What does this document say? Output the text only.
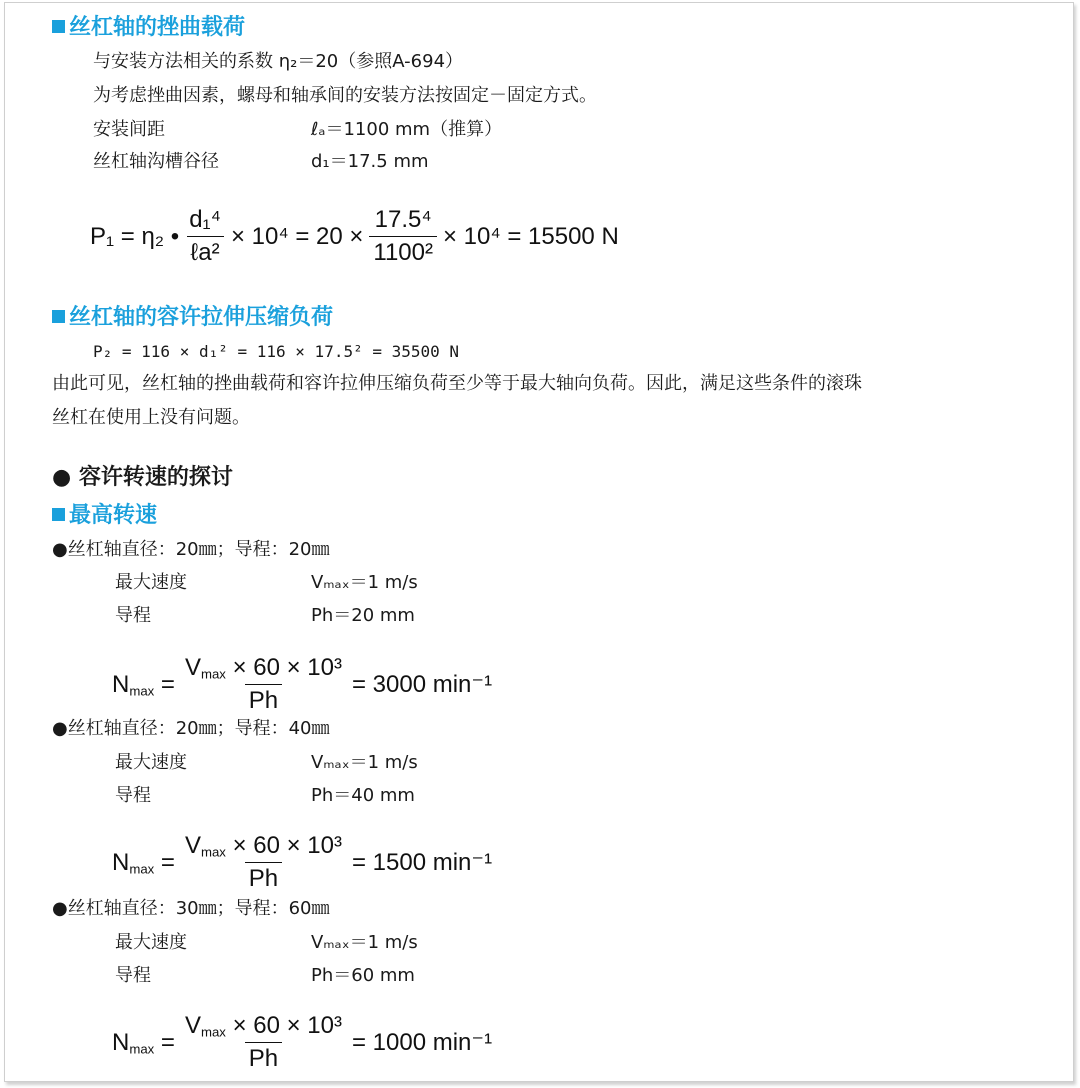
丝杠轴的挫曲载荷
与安装方法相关的系数 η₂＝20（参照A-694）
为考虑挫曲因素，螺母和轴承间的安装方法按固定－固定方式。
安装间距	ℓₐ＝1100 mm（推算）
丝杠轴沟槽谷径	d₁＝17.5 mm
P₁ = η₂ • $\frac{\text{d₁⁴}}{\text{ℓa²}} \times 10^4 = 20 \times \frac{\text{17.5⁴}}{\text{1100²}} \times 10^4 = 15500$ N
丝杠轴的容许拉伸压缩负荷
P₂ = 116 × d₁² = 116 × 17.5² = 35500 N
由此可见，丝杠轴的挫曲载荷和容许拉伸压缩负荷至少等于最大轴向负荷。因此，满足这些条件的滚珠
丝杠在使用上没有问题。
● 容许转速的探讨
最高转速
●丝杠轴直径：20㎜；导程：20㎜
最大速度	Vₘₐₓ＝1 m/s
导程	Ph＝20 mm
$N_{max} = \frac{V_{max} \times 60 \times 10^3}{Ph} = 3000$ min⁻¹
●丝杠轴直径：20㎜；导程：40㎜
最大速度	Vₘₐₓ＝1 m/s
导程	Ph＝40 mm
$N_{max} = \frac{V_{max} \times 60 \times 10^3}{Ph} = 1500$ min⁻¹
●丝杠轴直径：30㎜；导程：60㎜
最大速度	Vₘₐₓ＝1 m/s
导程	Ph＝60 mm
$N_{max} = \frac{V_{max} \times 60 \times 10^3}{Ph} = 1000$ min⁻¹
